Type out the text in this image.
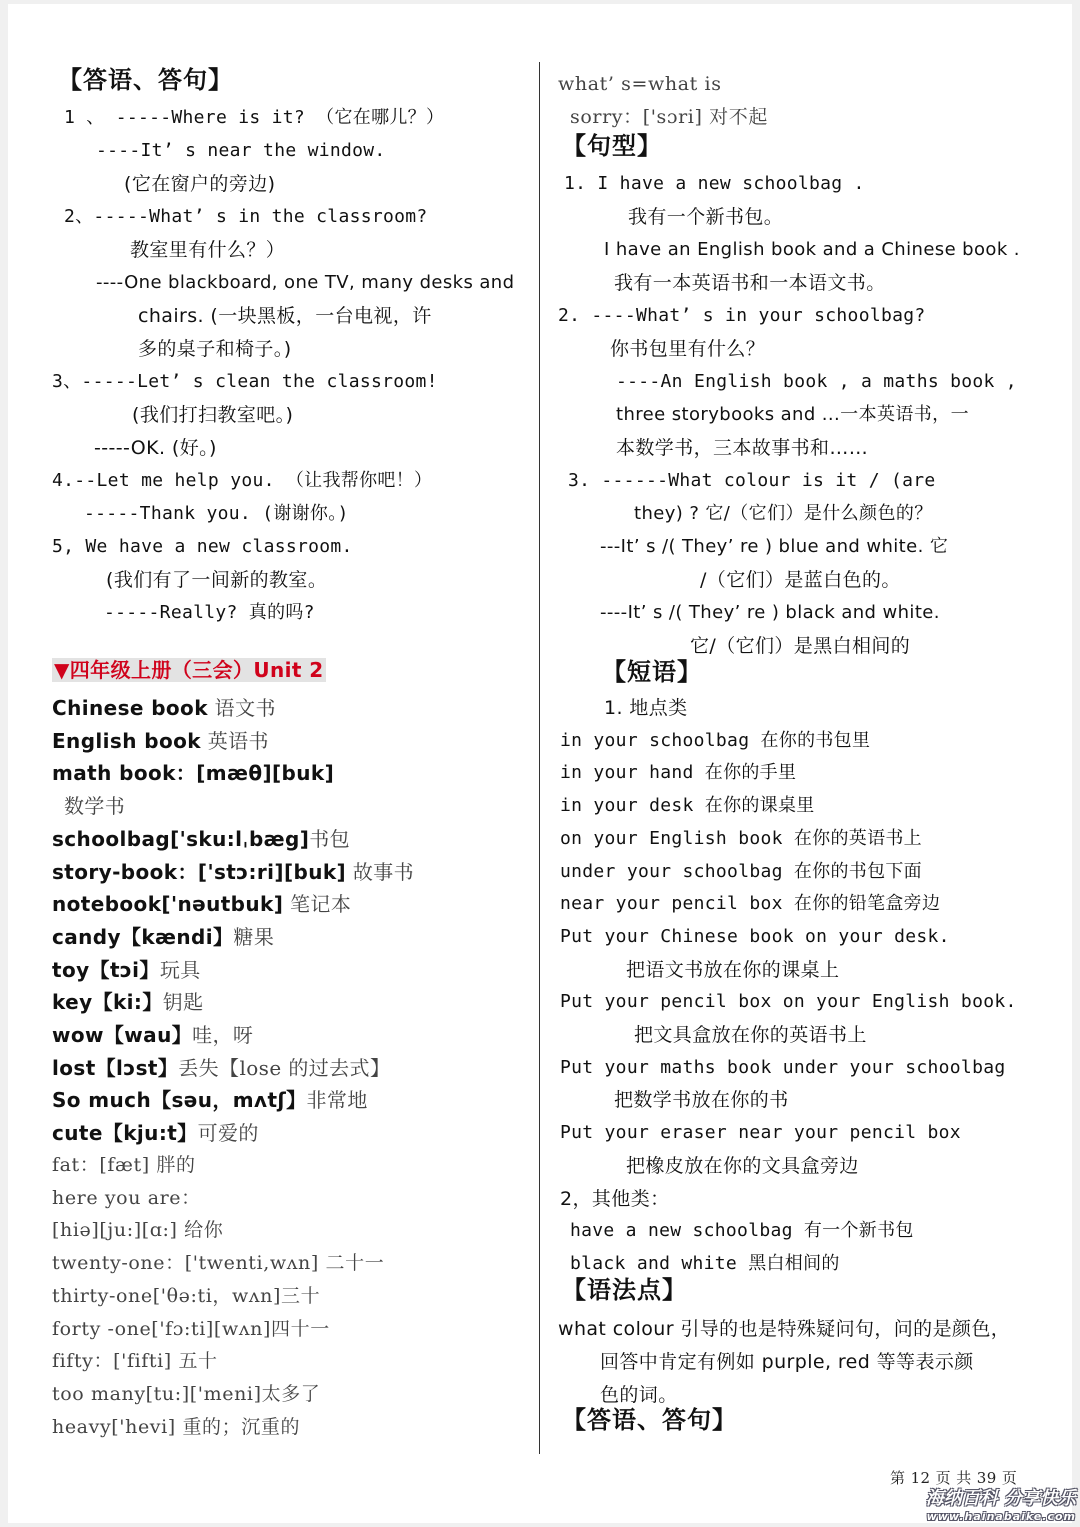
【答语、答句】
1 、 -----Where is it? （它在哪儿？）
----It’ s near the window.
(它在窗户的旁边)
2、-----What’ s in the classroom?
教室里有什么？）
----One blackboard, one TV, many desks and
chairs. (一块黑板，一台电视，许
多的桌子和椅子。)
3、-----Let’ s clean the classroom!
(我们打扫教室吧。)
-----OK. (好。)
4.--Let me help you. （让我帮你吧！）
-----Thank you. (谢谢你。)
5, We have a new classroom.
(我们有了一间新的教室。
-----Really? 真的吗?
▼四年级上册（三会）Unit 2
Chinese book 语文书
English book 英语书
math book：[mæθ][buk]
数学书
schoolbag['sku:lˌbæg]书包
story-book：['stɔ:ri][buk] 故事书
notebook['nəutbuk] 笔记本
candy【kændi】糖果
toy【tɔi】玩具
key【ki:】钥匙
wow【wau】哇，呀
lost【lɔst】丢失【lose 的过去式】
So much【səu，mʌtʃ】非常地
cute【kju:t】可爱的
fat：[fæt] 胖的
here you are：
[hiə][ju:][ɑ:] 给你
twenty-one：['twenti,wʌn] 二十一
thirty-one['θə:ti，wʌn]三十
forty -one['fɔ:ti][wʌn]四十一
fifty：['fifti] 五十
too many[tu:]['meni]太多了
heavy['hevi] 重的；沉重的
what’ s=what is
sorry：['sɔri] 对不起
【句型】
1. I have a new schoolbag .
我有一个新书包。
I have an English book and a Chinese book .
我有一本英语书和一本语文书。
2. ----What’ s in your schoolbag?
你书包里有什么？
----An English book , a maths book ,
three storybooks and ...一本英语书，一
本数学书，三本故事书和……
3. ------What colour is it / (are
they) ? 它/（它们）是什么颜色的？
---It’ s /( They’ re ) blue and white. 它
/（它们）是蓝白色的。
----It’ s /( They’ re ) black and white.
它/（它们）是黑白相间的
【短语】
1. 地点类
in your schoolbag 在你的书包里
in your hand 在你的手里
in your desk 在你的课桌里
on your English book 在你的英语书上
under your schoolbag 在你的书包下面
near your pencil box 在你的铅笔盒旁边
Put your Chinese book on your desk.
把语文书放在你的课桌上
Put your pencil box on your English book.
把文具盒放在你的英语书上
Put your maths book under your schoolbag
把数学书放在你的书
Put your eraser near your pencil box
把橡皮放在你的文具盒旁边
2，其他类：
have a new schoolbag 有一个新书包
black and white 黑白相间的
【语法点】
what colour 引导的也是特殊疑问句，问的是颜色，
回答中肯定有例如 purple, red 等等表示颜
色的词。
【答语、答句】
第 12 页 共 39 页
海纳百科 分享快乐
www.hainabaike.com
